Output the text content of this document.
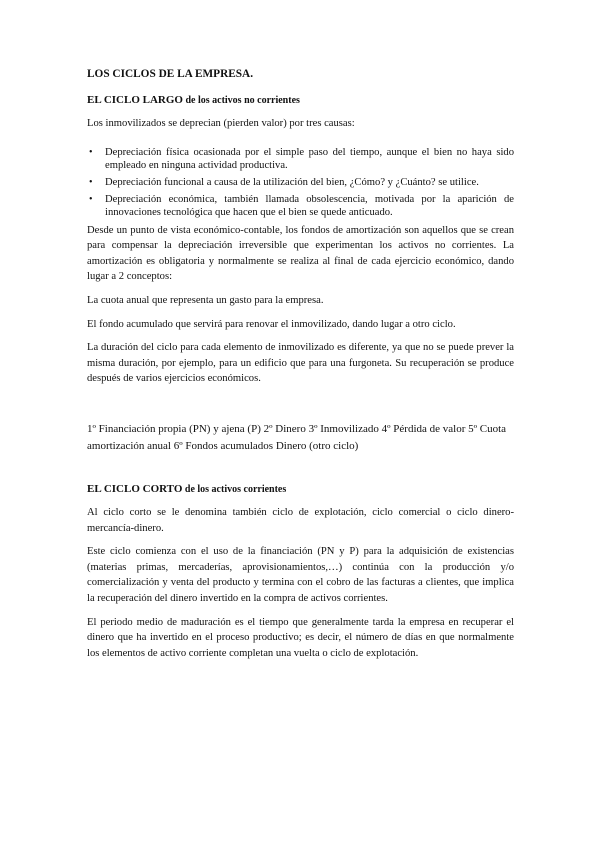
LOS CICLOS DE LA EMPRESA.
EL CICLO LARGO de los activos no corrientes

Los inmovilizados se deprecian (pierden valor) por tres causas:

• Depreciación física ocasionada por el simple paso del tiempo, aunque el bien no haya sido empleado en ninguna actividad productiva.
• Depreciación funcional a causa de la utilización del bien, ¿Cómo? y ¿Cuánto? se utilice.
• Depreciación económica, también llamada obsolescencia, motivada por la aparición de innovaciones tecnológica que hacen que el bien se quede anticuado.

Desde un punto de vista económico-contable, los fondos de amortización son aquellos que se crean para compensar la depreciación irreversible que experimentan los activos no corrientes. La amortización es obligatoria y normalmente se realiza al final de cada ejercicio económico, dando lugar a 2 conceptos:

La cuota anual que representa un gasto para la empresa.

El fondo acumulado que servirá para renovar el inmovilizado, dando lugar a otro ciclo.

La duración del ciclo para cada elemento de inmovilizado es diferente, ya que no se puede prever la misma duración, por ejemplo, para un edificio que para una furgoneta. Su recuperación se produce después de varios ejercicios económicos.

1º Financiación propia (PN) y ajena (P) 2º Dinero 3º Inmovilizado 4º Pérdida de valor 5º Cuota amortización anual 6º Fondos acumulados Dinero (otro ciclo)

EL CICLO CORTO de los activos corrientes

Al ciclo corto se le denomina también ciclo de explotación, ciclo comercial o ciclo dinero-mercancía-dinero.

Este ciclo comienza con el uso de la financiación (PN y P) para la adquisición de existencias (materias primas, mercaderías, aprovisionamientos,…) continúa con la producción y/o comercialización y venta del producto y termina con el cobro de las facturas a clientes, que implica la recuperación del dinero invertido en la compra de activos corrientes.

El periodo medio de maduración es el tiempo que generalmente tarda la empresa en recuperar el dinero que ha invertido en el proceso productivo; es decir, el número de días en que normalmente los elementos de activo corriente completan una vuelta o ciclo de explotación.
